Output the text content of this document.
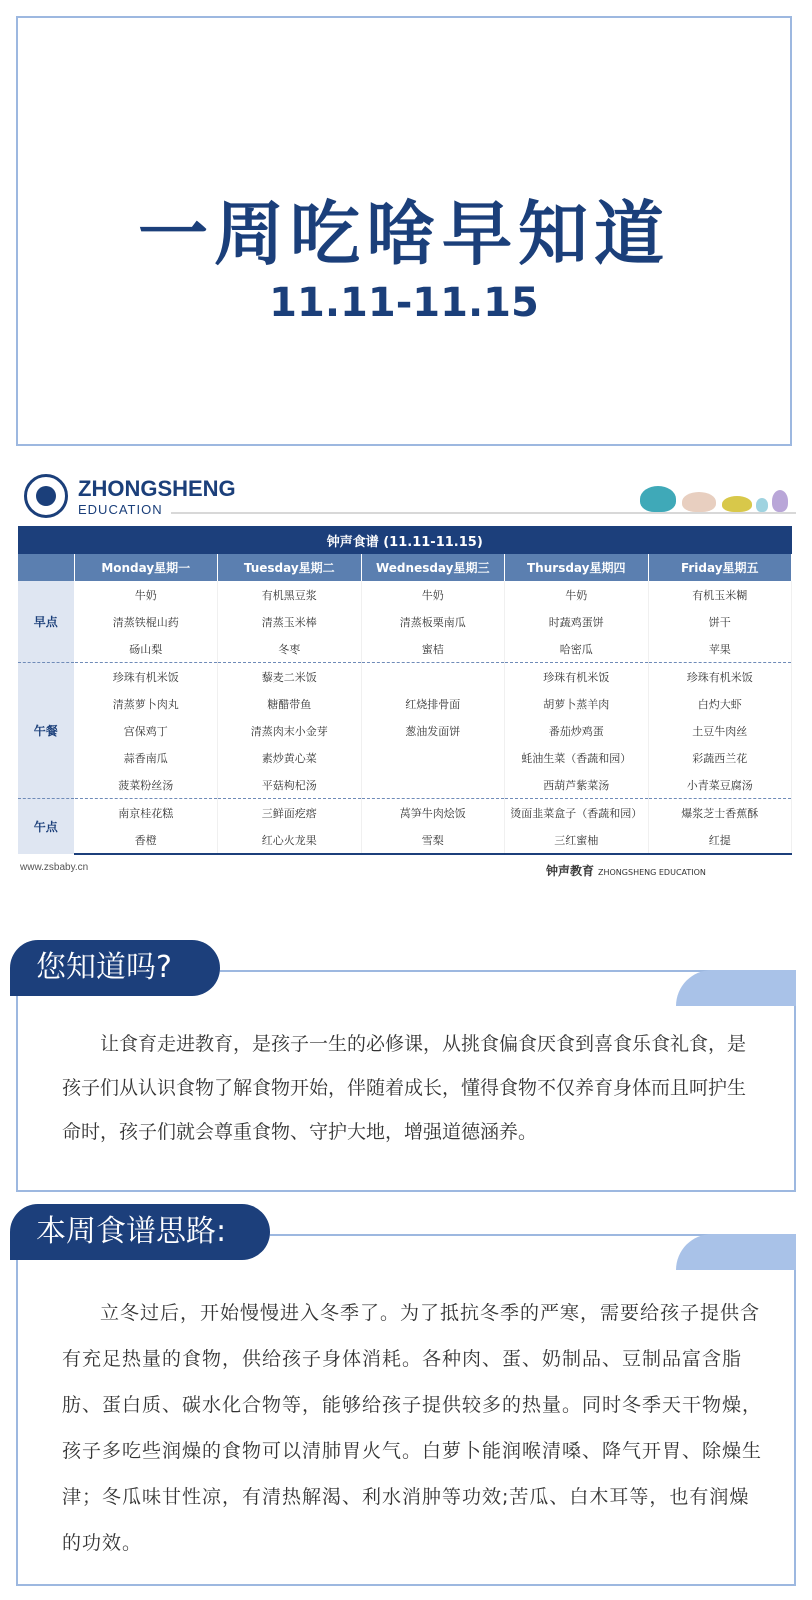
一周吃啥早知道
11.11-11.15
ZHONGSHENG
EDUCATION
钟声食谱 (11.11-11.15)					
	Monday星期一	Tuesday星期二	Wednesday星期三	Thursday星期四	Friday星期五
早点	牛奶	有机黑豆浆	牛奶	牛奶	有机玉米糊
	清蒸铁棍山药	清蒸玉米棒	清蒸板栗南瓜	时蔬鸡蛋饼	饼干
	砀山梨	冬枣	蜜桔	哈密瓜	苹果
午餐	珍珠有机米饭	藜麦二米饭		珍珠有机米饭	珍珠有机米饭
	清蒸萝卜肉丸	糖醋带鱼	红烧排骨面	胡萝卜蒸羊肉	白灼大虾
	宫保鸡丁	清蒸肉末小金芽	葱油发面饼	番茄炒鸡蛋	土豆牛肉丝
	蒜香南瓜	素炒黄心菜		蚝油生菜（香蔬和园）	彩蔬西兰花
	菠菜粉丝汤	平菇枸杞汤		西葫芦紫菜汤	小青菜豆腐汤
午点	南京桂花糕	三鲜面疙瘩	莴笋牛肉烩饭	烫面韭菜盒子（香蔬和园）	爆浆芝士香蕉酥
	香橙	红心火龙果	雪梨	三红蜜柚	红提
www.zsbaby.cn	钟声教育 ZHONGSHENG EDUCATION
您知道吗?
让食育走进教育，是孩子一生的必修课，从挑食偏食厌食到喜食乐食礼食，是孩子们从认识食物了解食物开始，伴随着成长，懂得食物不仅养育身体而且呵护生命时，孩子们就会尊重食物、守护大地，增强道德涵养。
本周食谱思路:
立冬过后，开始慢慢进入冬季了。为了抵抗冬季的严寒，需要给孩子提供含有充足热量的食物，供给孩子身体消耗。各种肉、蛋、奶制品、豆制品富含脂肪、蛋白质、碳水化合物等，能够给孩子提供较多的热量。同时冬季天干物燥，孩子多吃些润燥的食物可以清肺胃火气。白萝卜能润喉清嗓、降气开胃、除燥生津；冬瓜味甘性凉，有清热解渴、利水消肿等功效;苦瓜、白木耳等，也有润燥的功效。
